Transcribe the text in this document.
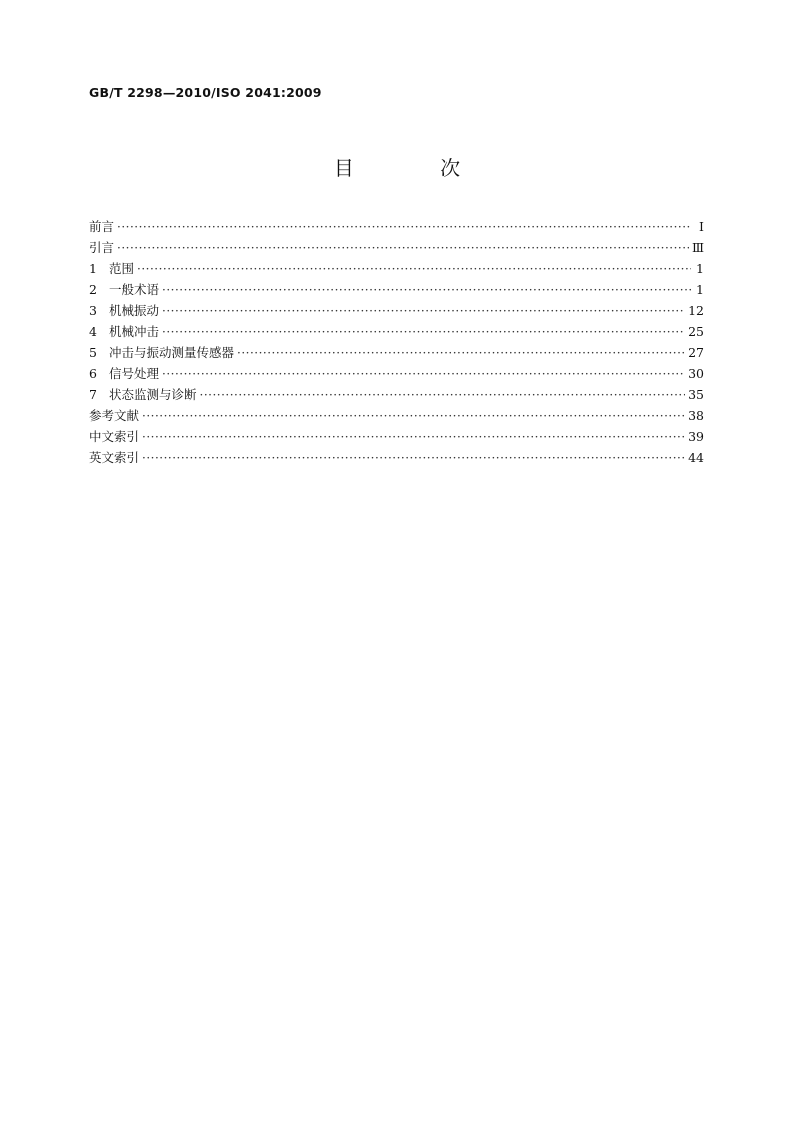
GB/T 2298—2010/ISO 2041:2009
目 次
前言 ·····	Ⅰ
引言 ·····	Ⅲ
1 范围 ·····	1
2 一般术语 ·····	1
3 机械振动 ·····	12
4 机械冲击 ·····	25
5 冲击与振动测量传感器 ·····	27
6 信号处理 ·····	30
7 状态监测与诊断 ·····	35
参考文献 ·····	38
中文索引 ·····	39
英文索引 ·····	44
